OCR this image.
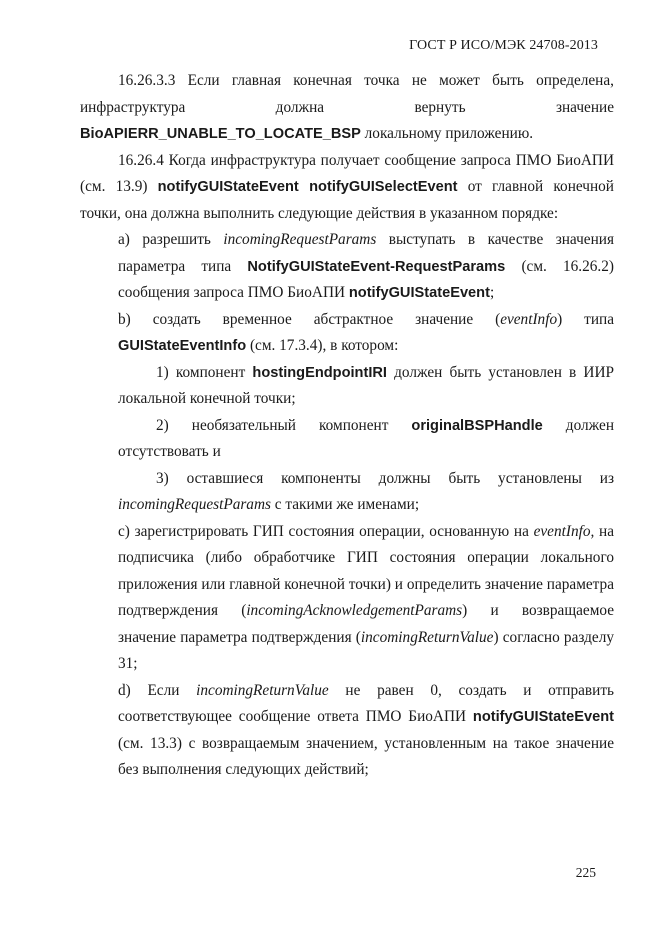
ГОСТ Р ИСО/МЭК 24708-2013

16.26.3.3 Если главная конечная точка не может быть определена,

инфраструктура должна вернуть значение

BioAPIERR_UNABLE_TO_LOCATE_BSP локальному приложению.

16.26.4 Когда инфраструктура получает сообщение запроса ПМО БиоАПИ (см. 13.9) notifyGUIStateEvent notifyGUISelectEvent от главной конечной точки, она должна выполнить следующие действия в указанном порядке:

а) разрешить incomingRequestParams выступать в качестве значения параметра типа NotifyGUIStateEvent-RequestParams (см. 16.26.2) сообщения запроса ПМО БиоАПИ notifyGUIStateEvent;

b) создать временное абстрактное значение (eventInfo) типа GUIStateEventInfo (см. 17.3.4), в котором:

1) компонент hostingEndpointIRI должен быть установлен в ИИР локальной конечной точки;

2) необязательный компонент originalBSPHandle должен отсутствовать и

3) оставшиеся компоненты должны быть установлены из incomingRequestParams с такими же именами;

c) зарегистрировать ГИП состояния операции, основанную на eventInfo, на подписчика (либо обработчике ГИП состояния операции локального приложения или главной конечной точки) и определить значение параметра подтверждения (incomingAcknowledgementParams) и возвращаемое значение параметра подтверждения (incomingReturnValue) согласно разделу 31;

d) Если incomingReturnValue не равен 0, создать и отправить соответствующее сообщение ответа ПМО БиоАПИ notifyGUIStateEvent (см. 13.3) с возвращаемым значением, установленным на такое значение без выполнения следующих действий;

225
